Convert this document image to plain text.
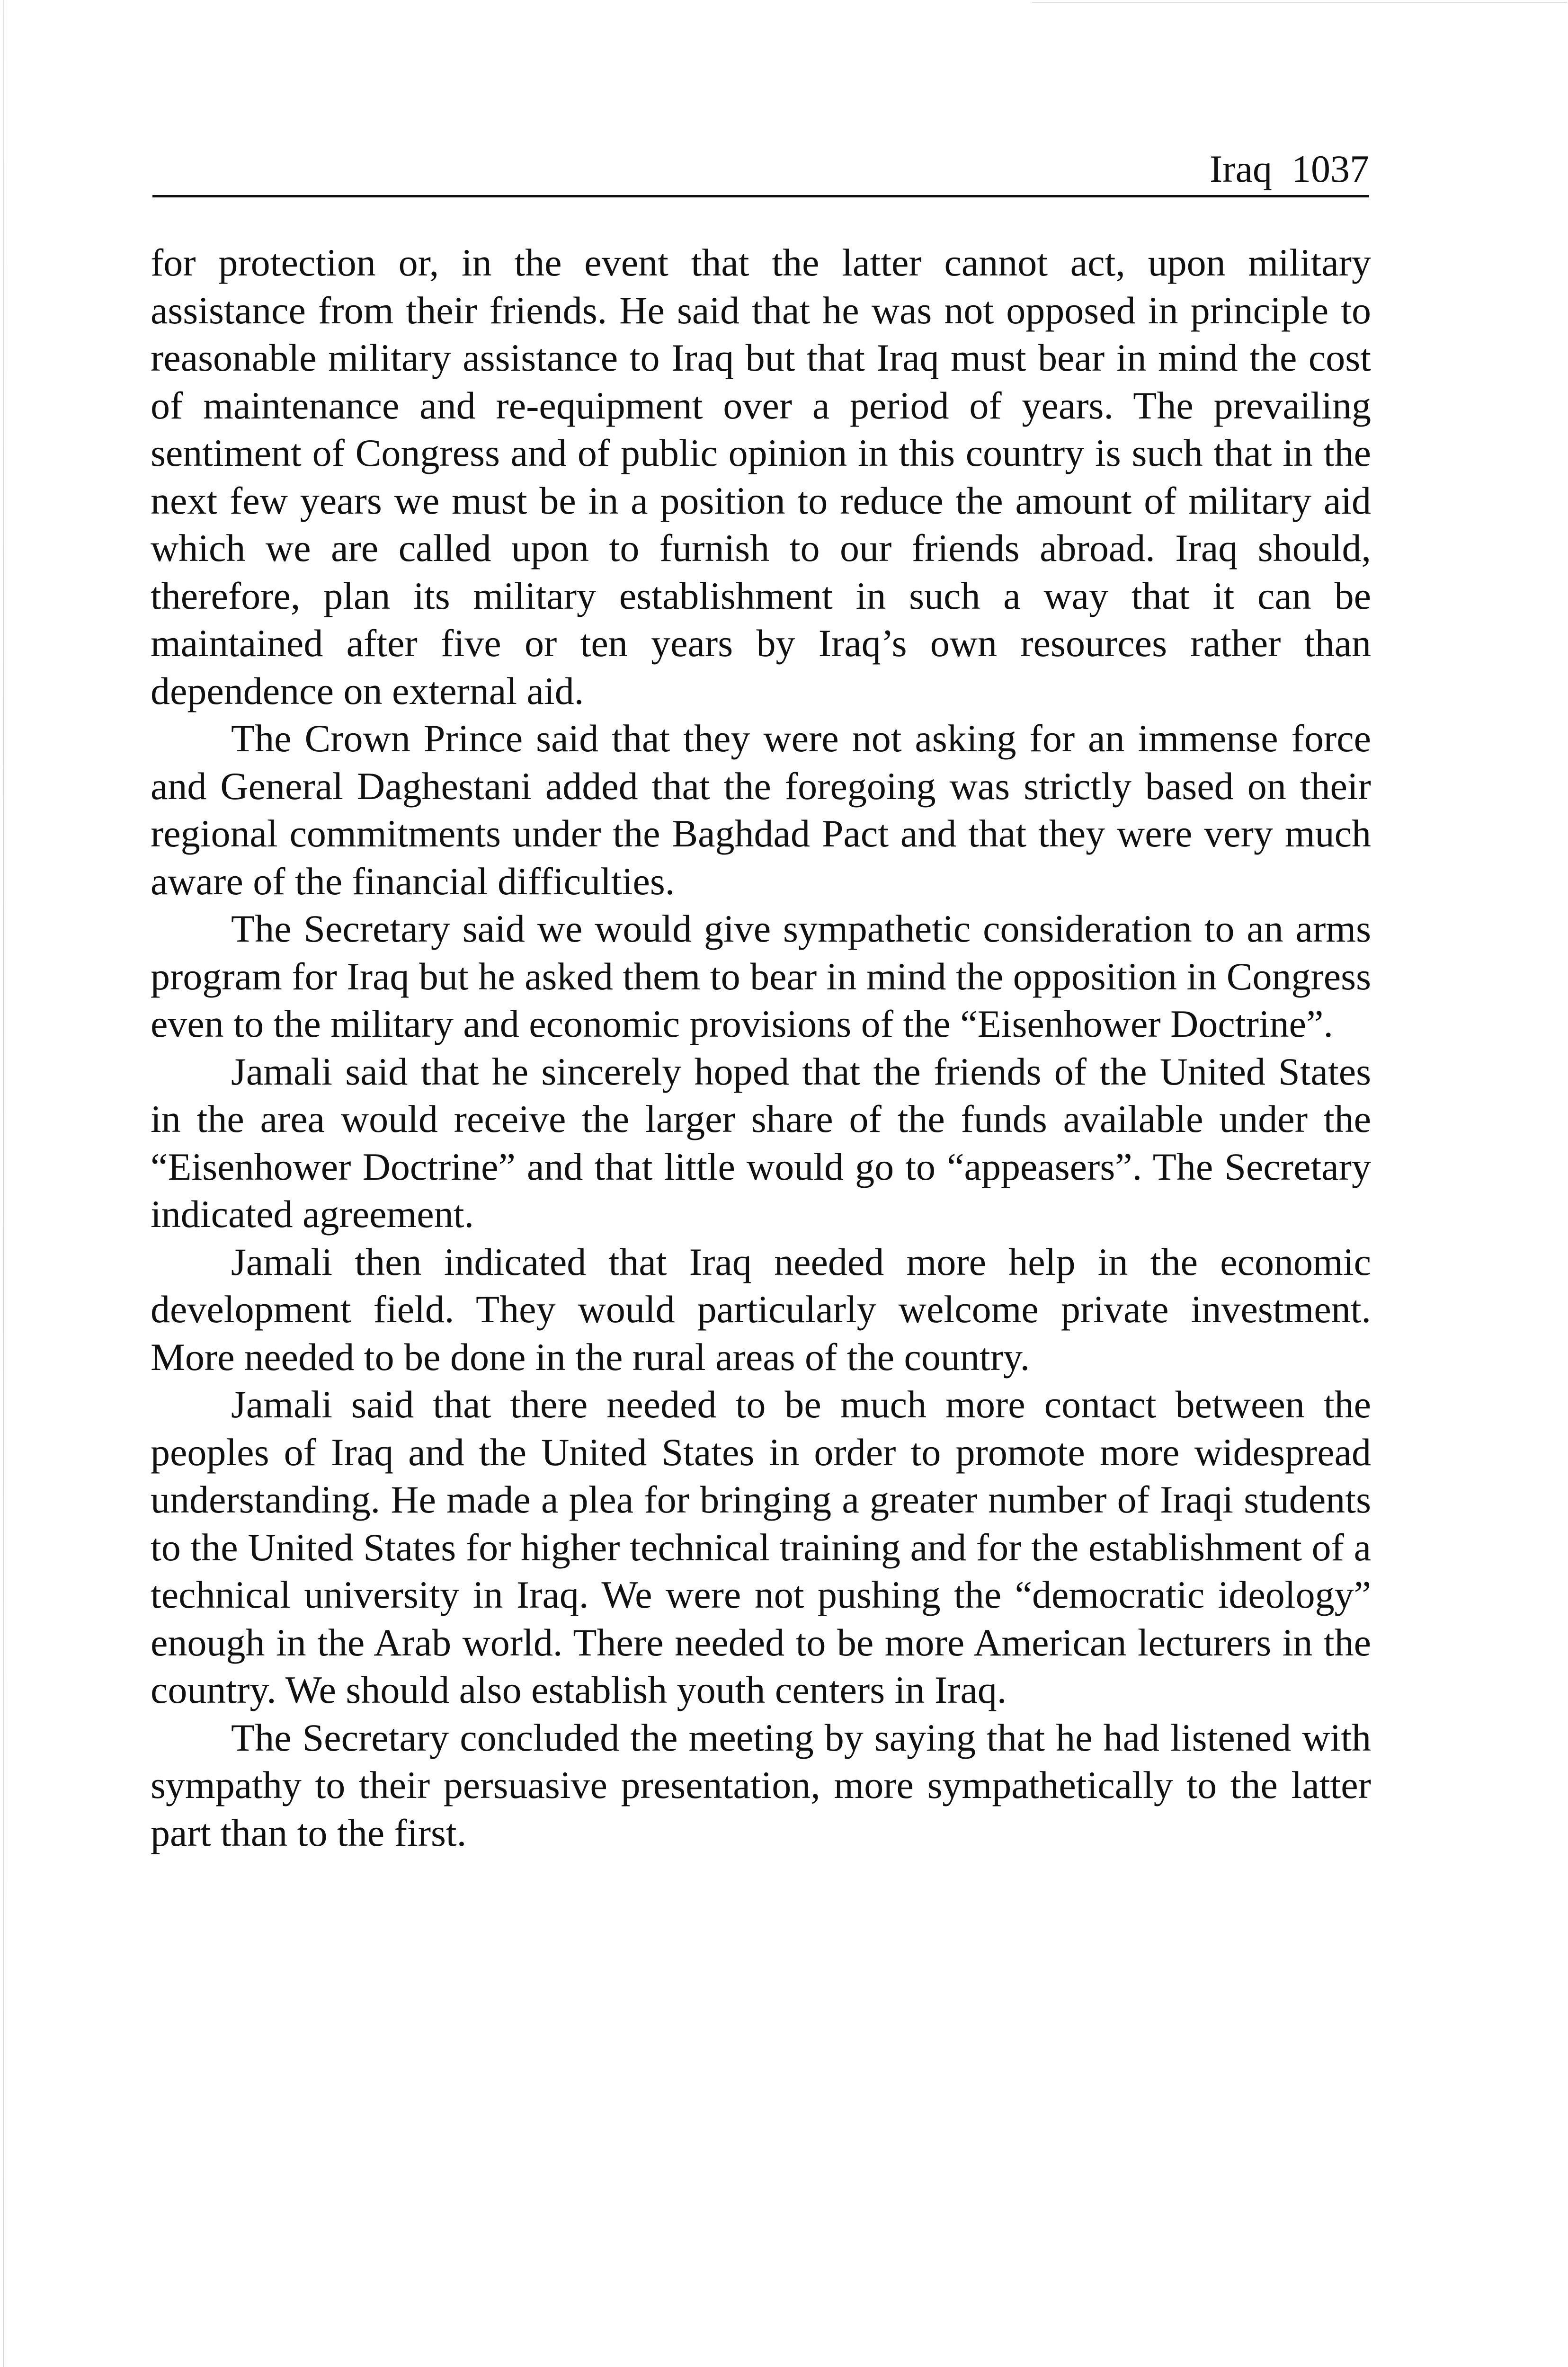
Iraq 1037

for protection or, in the event that the latter cannot act, upon military assistance from their friends. He said that he was not opposed in principle to reasonable military assistance to Iraq but that Iraq must bear in mind the cost of maintenance and re-equipment over a period of years. The prevailing sentiment of Congress and of public opinion in this country is such that in the next few years we must be in a position to reduce the amount of military aid which we are called upon to furnish to our friends abroad. Iraq should, therefore, plan its military establishment in such a way that it can be maintained after five or ten years by Iraq’s own resources rather than dependence on external aid.

The Crown Prince said that they were not asking for an immense force and General Daghestani added that the foregoing was strictly based on their regional commitments under the Baghdad Pact and that they were very much aware of the financial difficulties.

The Secretary said we would give sympathetic consideration to an arms program for Iraq but he asked them to bear in mind the opposition in Congress even to the military and economic provisions of the “Eisenhower Doctrine”.

Jamali said that he sincerely hoped that the friends of the United States in the area would receive the larger share of the funds available under the “Eisenhower Doctrine” and that little would go to “appeasers”. The Secretary indicated agreement.

Jamali then indicated that Iraq needed more help in the economic development field. They would particularly welcome private investment. More needed to be done in the rural areas of the country.

Jamali said that there needed to be much more contact between the peoples of Iraq and the United States in order to promote more widespread understanding. He made a plea for bringing a greater number of Iraqi students to the United States for higher technical training and for the establishment of a technical university in Iraq. We were not pushing the “democratic ideology” enough in the Arab world. There needed to be more American lecturers in the country. We should also establish youth centers in Iraq.

The Secretary concluded the meeting by saying that he had listened with sympathy to their persuasive presentation, more sympathetically to the latter part than to the first.
